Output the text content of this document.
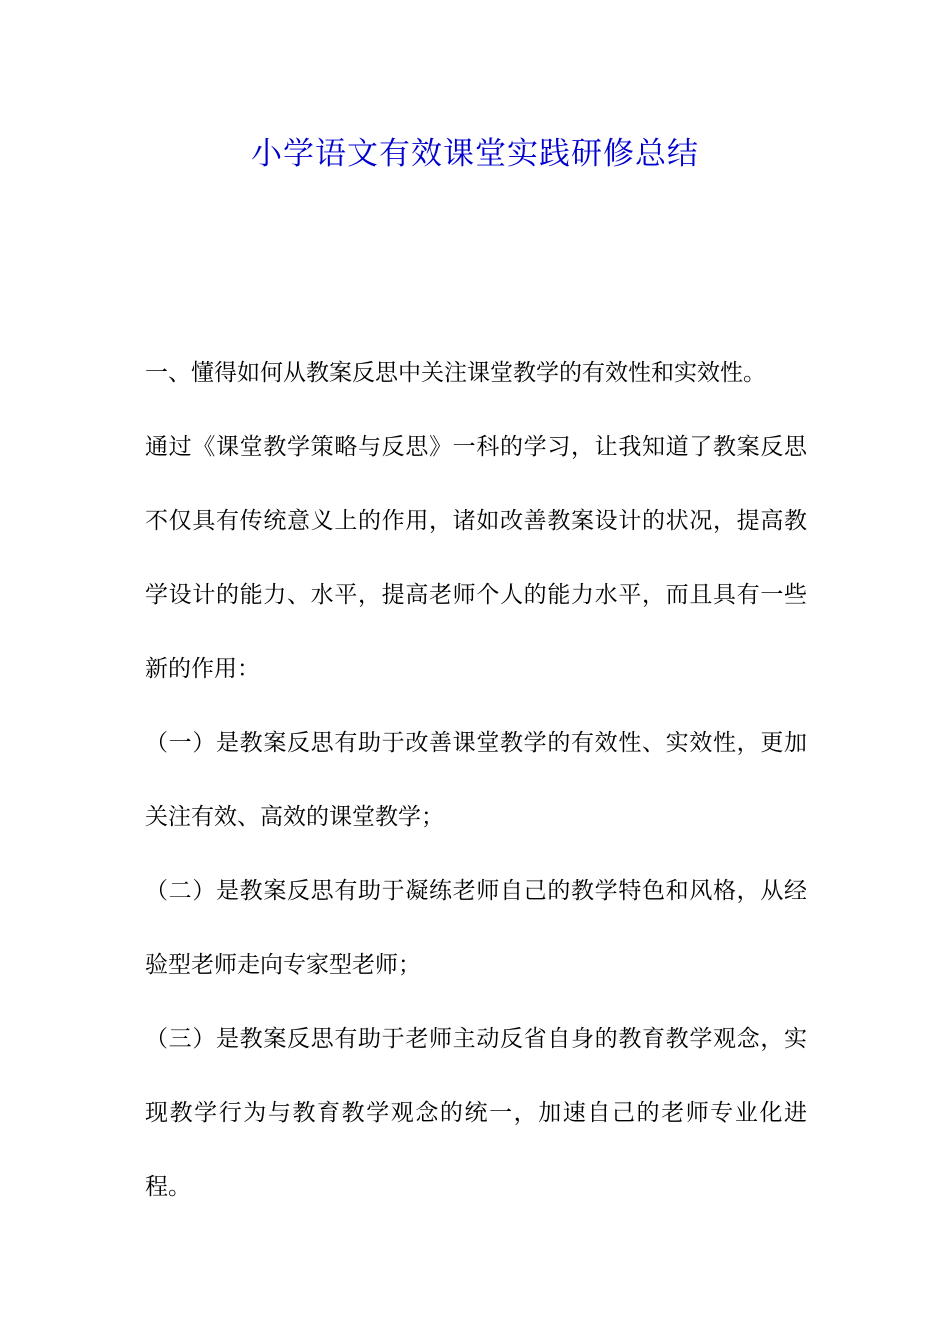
小学语文有效课堂实践研修总结

一、懂得如何从教案反思中关注课堂教学的有效性和实效性。

通过《课堂教学策略与反思》一科的学习，让我知道了教案反思不仅具有传统意义上的作用，诸如改善教案设计的状况，提高教学设计的能力、水平，提高老师个人的能力水平，而且具有一些新的作用：

（一）是教案反思有助于改善课堂教学的有效性、实效性，更加关注有效、高效的课堂教学；

（二）是教案反思有助于凝练老师自己的教学特色和风格，从经验型老师走向专家型老师；

（三）是教案反思有助于老师主动反省自身的教育教学观念，实现教学行为与教育教学观念的统一，加速自己的老师专业化进程。
